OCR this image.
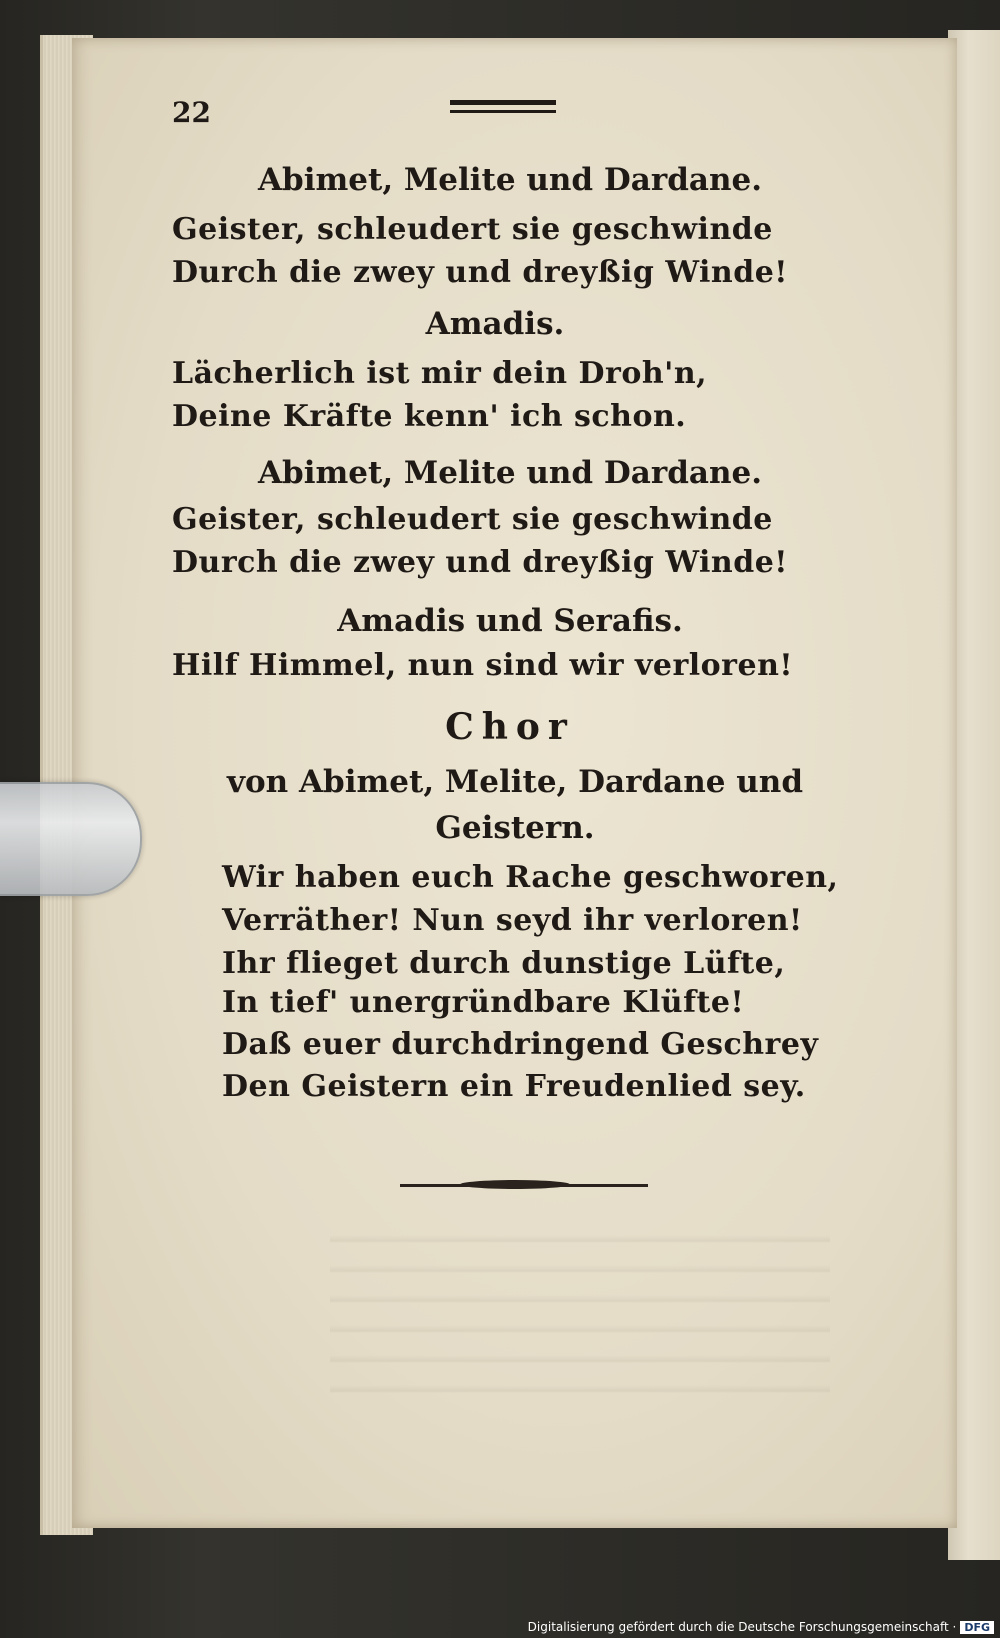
22
Abimet, Melite und Dardane.
Geister, schleudert sie geschwinde
Durch die zwey und dreyßig Winde!
Amadis.
Lächerlich ist mir dein Droh'n,
Deine Kräfte kenn' ich schon.
Abimet, Melite und Dardane.
Geister, schleudert sie geschwinde
Durch die zwey und dreyßig Winde!
Amadis und Serafis.
Hilf Himmel, nun sind wir verloren!
Chor
von Abimet, Melite, Dardane und
Geistern.
Wir haben euch Rache geschworen,
Verräther! Nun seyd ihr verloren!
Ihr flieget durch dunstige Lüfte,
In tief' unergründbare Klüfte!
Daß euer durchdringend Geschrey
Den Geistern ein Freudenlied sey.
Digitalisierung gefördert durch die Deutsche Forschungsgemeinschaft · DFG
